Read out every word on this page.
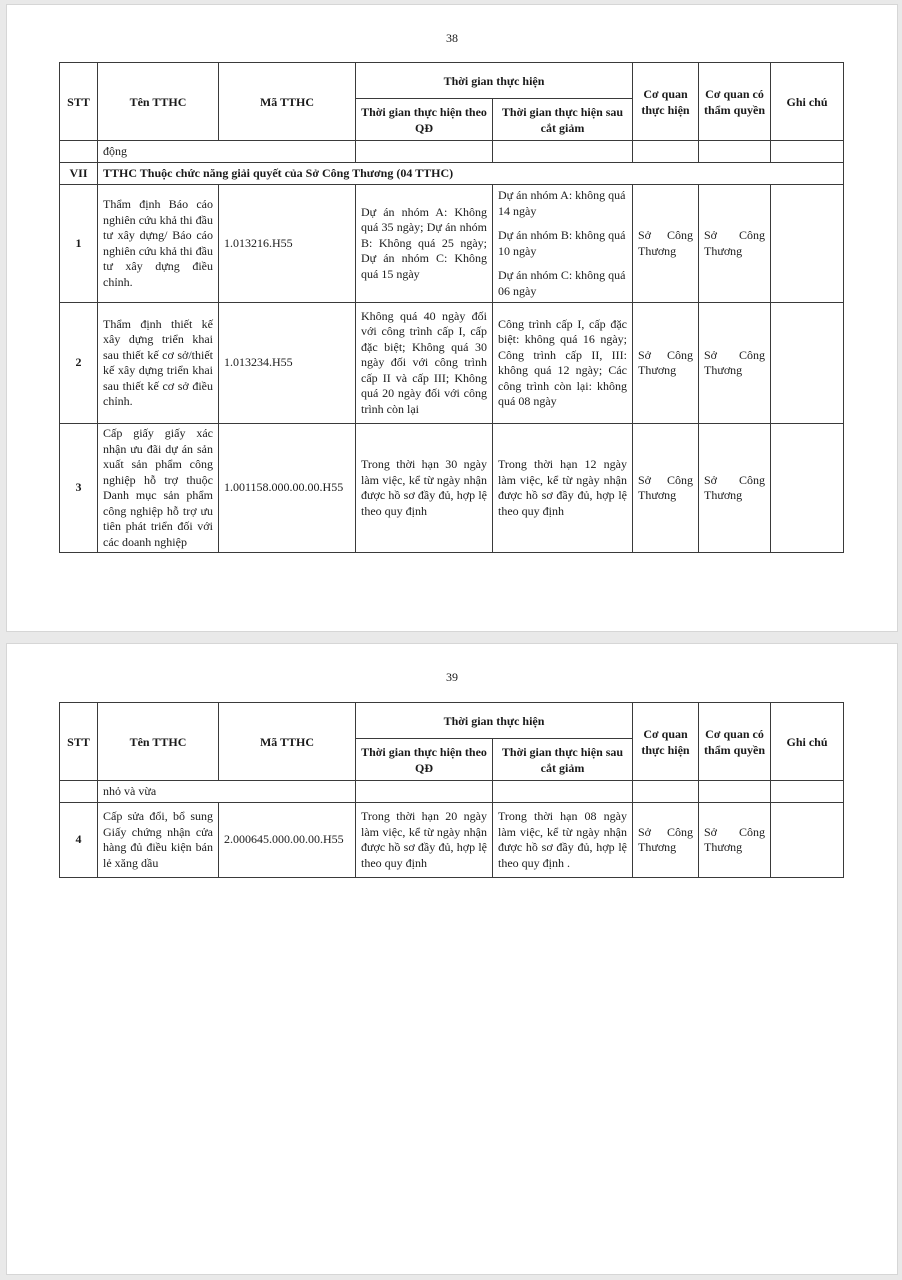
38
STT	Tên TTHC	Mã TTHC	Thời gian thực hiện		Cơ quan thực hiện	Cơ quan có thẩm quyền	Ghi chú
			Thời gian thực hiện theo QĐ	Thời gian thực hiện sau cắt giảm			
	động						
VII	TTHC Thuộc chức năng giải quyết của Sở Công Thương (04 TTHC)						
1	Thẩm định Báo cáo nghiên cứu khả thi đầu tư xây dựng/ Báo cáo nghiên cứu khả thi đầu tư xây dựng điều chỉnh.	1.013216.H55	Dự án nhóm A: Không quá 35 ngày; Dự án nhóm B: Không quá 25 ngày; Dự án nhóm C: Không quá 15 ngày	Dự án nhóm A: không quá 14 ngày
Dự án nhóm B: không quá 10 ngày
Dự án nhóm C: không quá 06 ngày	Sở Công Thương	Sở Công Thương	
2	Thẩm định thiết kế xây dựng triển khai sau thiết kế cơ sở/thiết kế xây dựng triển khai sau thiết kế cơ sở điều chỉnh.	1.013234.H55	Không quá 40 ngày đối với công trình cấp I, cấp đặc biệt; Không quá 30 ngày đối với công trình cấp II và cấp III; Không quá 20 ngày đối với công trình còn lại	Công trình cấp I, cấp đặc biệt: không quá 16 ngày; Công trình cấp II, III: không quá 12 ngày; Các công trình còn lại: không quá 08 ngày	Sở Công Thương	Sở Công Thương	
3	Cấp giấy giấy xác nhận ưu đãi dự án sản xuất sản phẩm công nghiệp hỗ trợ thuộc Danh mục sản phẩm công nghiệp hỗ trợ ưu tiên phát triển đối với các doanh nghiệp	1.001158.000.00.00.H55	Trong thời hạn 30 ngày làm việc, kể từ ngày nhận được hồ sơ đầy đủ, hợp lệ theo quy định	Trong thời hạn 12 ngày làm việc, kể từ ngày nhận được hồ sơ đầy đủ, hợp lệ theo quy định	Sở Công Thương	Sở Công Thương	
39
STT	Tên TTHC	Mã TTHC	Thời gian thực hiện		Cơ quan thực hiện	Cơ quan có thẩm quyền	Ghi chú
			Thời gian thực hiện theo QĐ	Thời gian thực hiện sau cắt giảm			
	nhỏ và vừa						
4	Cấp sửa đổi, bổ sung Giấy chứng nhận cửa hàng đủ điều kiện bán lẻ xăng dầu	2.000645.000.00.00.H55	Trong thời hạn 20 ngày làm việc, kể từ ngày nhận được hồ sơ đầy đủ, hợp lệ theo quy định	Trong thời hạn 08 ngày làm việc, kể từ ngày nhận được hồ sơ đầy đủ, hợp lệ theo quy định .	Sở Công Thương	Sở Công Thương	
